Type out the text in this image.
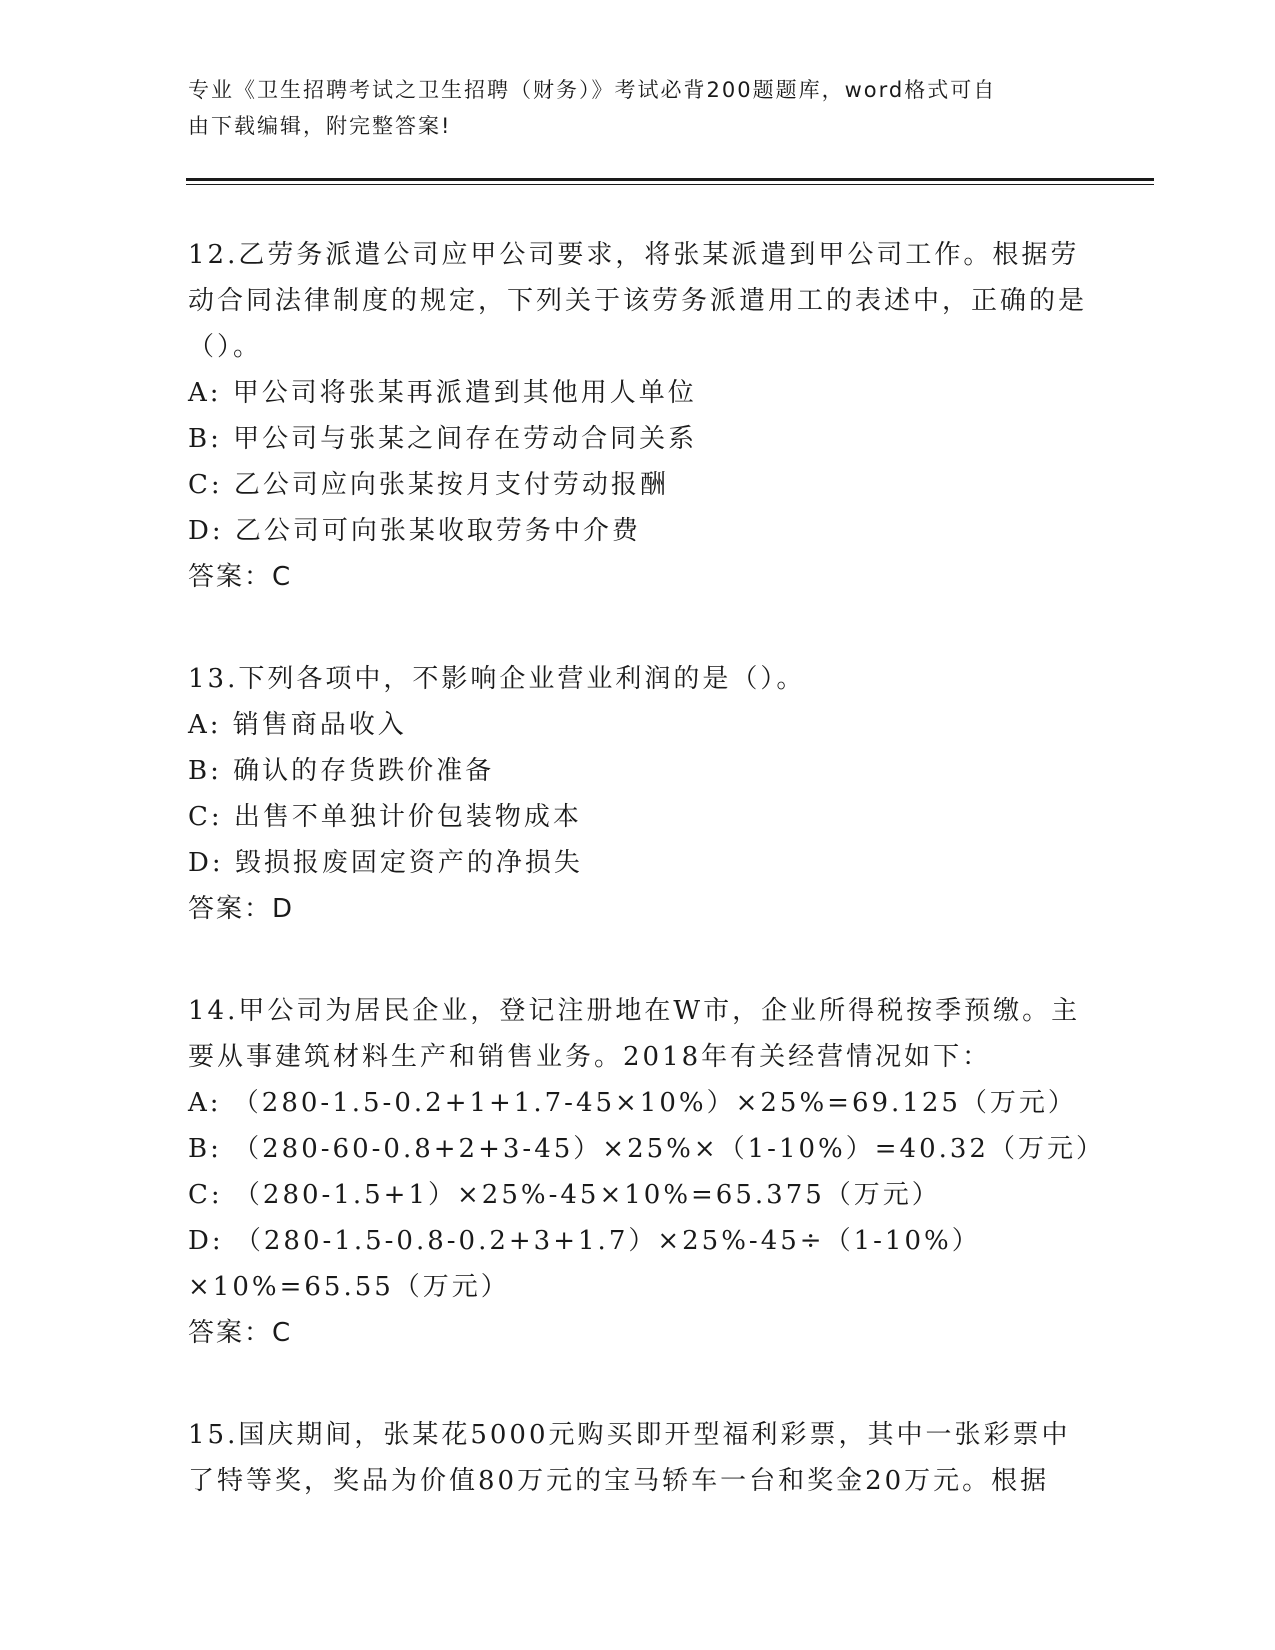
专业《卫生招聘考试之卫生招聘（财务）》考试必背200题题库，word格式可自
由下载编辑，附完整答案!
12.乙劳务派遣公司应甲公司要求，将张某派遣到甲公司工作。根据劳动合同法律制度的规定，下列关于该劳务派遣用工的表述中，正确的是（）。
A: 甲公司将张某再派遣到其他用人单位
B: 甲公司与张某之间存在劳动合同关系
C: 乙公司应向张某按月支付劳动报酬
D: 乙公司可向张某收取劳务中介费
答案：C
13.下列各项中，不影响企业营业利润的是（）。
A: 销售商品收入
B: 确认的存货跌价准备
C: 出售不单独计价包装物成本
D: 毁损报废固定资产的净损失
答案：D
14.甲公司为居民企业，登记注册地在W市，企业所得税按季预缴。主要从事建筑材料生产和销售业务。2018年有关经营情况如下：
A: （280-1.5-0.2+1+1.7-45×10%）×25%=69.125（万元）
B: （280-60-0.8+2+3-45）×25%×（1-10%）=40.32（万元）
C: （280-1.5+1）×25%-45×10%=65.375（万元）
D: （280-1.5-0.8-0.2+3+1.7）×25%-45÷（1-10%）×10%=65.55（万元）
答案：C
15.国庆期间，张某花5000元购买即开型福利彩票，其中一张彩票中了特等奖，奖品为价值80万元的宝马轿车一台和奖金20万元。根据
